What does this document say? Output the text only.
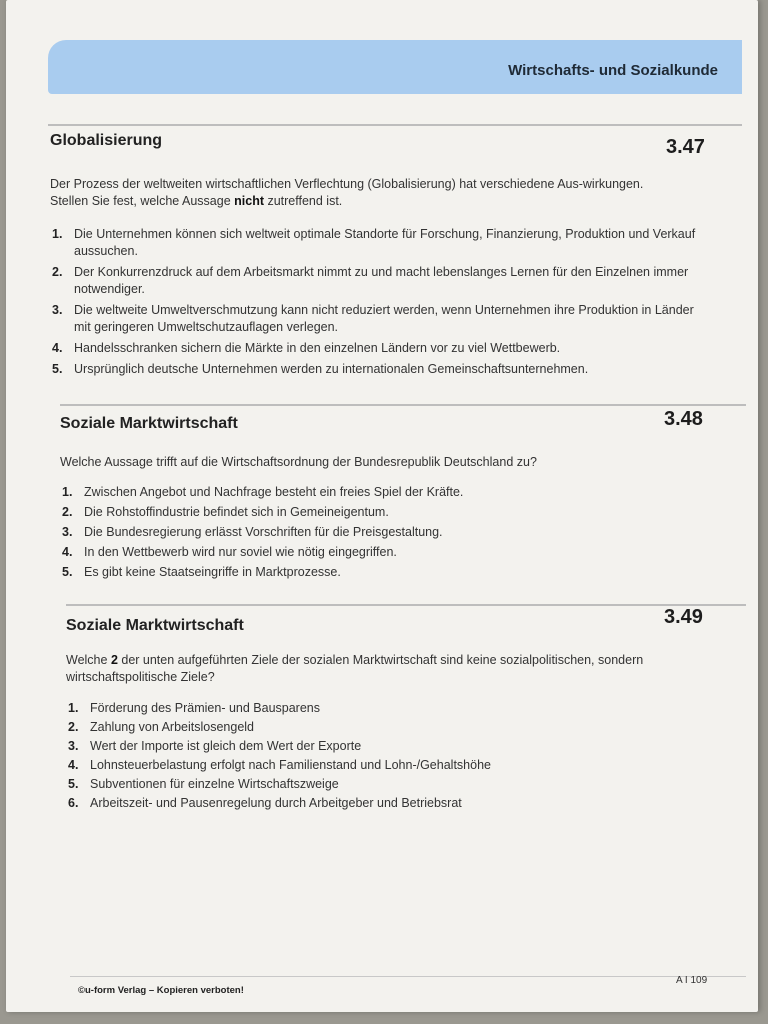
Wirtschafts- und Sozialkunde
Globalisierung	3.47
Der Prozess der weltweiten wirtschaftlichen Verflechtung (Globalisierung) hat verschiedene Aus-wirkungen. Stellen Sie fest, welche Aussage nicht zutreffend ist.
1. Die Unternehmen können sich weltweit optimale Standorte für Forschung, Finanzierung, Produktion und Verkauf aussuchen.
2. Der Konkurrenzdruck auf dem Arbeitsmarkt nimmt zu und macht lebenslanges Lernen für den Einzelnen immer notwendiger.
3. Die weltweite Umweltverschmutzung kann nicht reduziert werden, wenn Unternehmen ihre Produktion in Länder mit geringeren Umweltschutzauflagen verlegen.
4. Handelsschranken sichern die Märkte in den einzelnen Ländern vor zu viel Wettbewerb.
5. Ursprünglich deutsche Unternehmen werden zu internationalen Gemeinschaftsunternehmen.
Soziale Marktwirtschaft	3.48
Welche Aussage trifft auf die Wirtschaftsordnung der Bundesrepublik Deutschland zu?
1. Zwischen Angebot und Nachfrage besteht ein freies Spiel der Kräfte.
2. Die Rohstoffindustrie befindet sich in Gemeineigentum.
3. Die Bundesregierung erlässt Vorschriften für die Preisgestaltung.
4. In den Wettbewerb wird nur soviel wie nötig eingegriffen.
5. Es gibt keine Staatseingriffe in Marktprozesse.
Soziale Marktwirtschaft	3.49
Welche 2 der unten aufgeführten Ziele der sozialen Marktwirtschaft sind keine sozialpolitischen, sondern wirtschaftspolitische Ziele?
1. Förderung des Prämien- und Bausparens
2. Zahlung von Arbeitslosengeld
3. Wert der Importe ist gleich dem Wert der Exporte
4. Lohnsteuerbelastung erfolgt nach Familienstand und Lohn-/Gehaltshöhe
5. Subventionen für einzelne Wirtschaftszweige
6. Arbeitszeit- und Pausenregelung durch Arbeitgeber und Betriebsrat
©u-form Verlag – Kopieren verboten!
A I 109
